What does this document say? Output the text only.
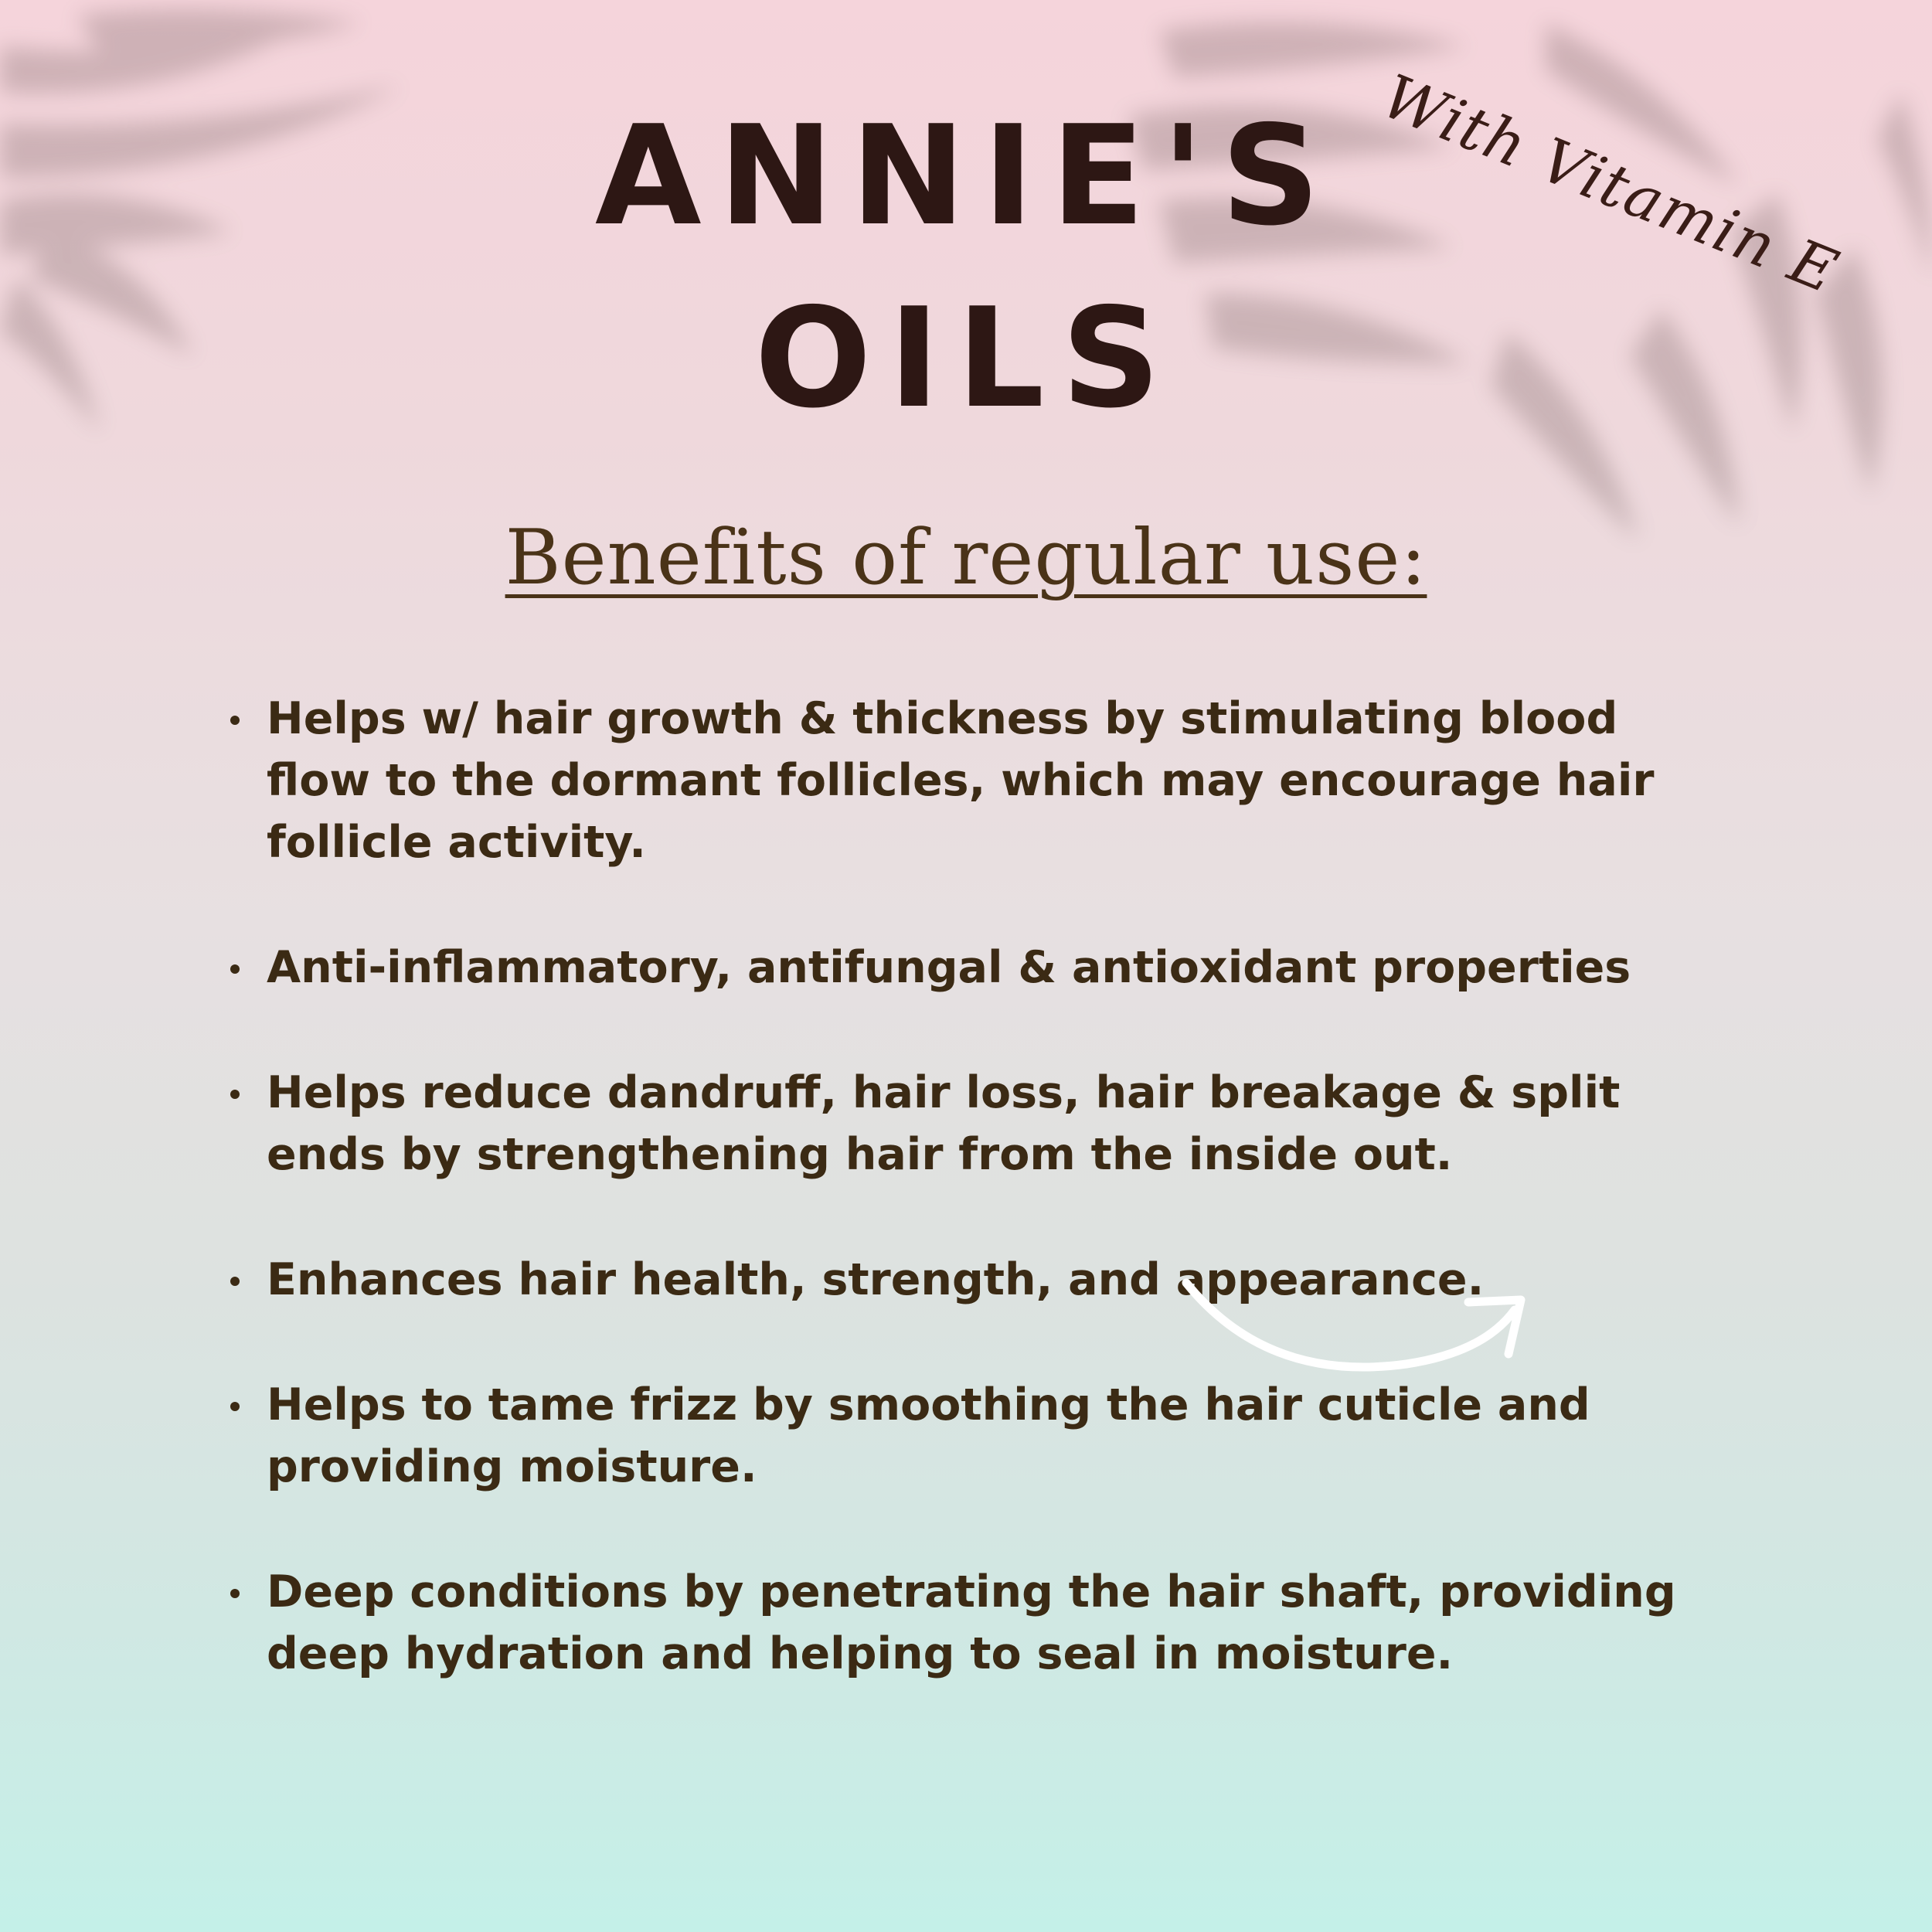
ANNIE'S
OILS
With Vitamin E
Benefits of regular use:
Helps w/ hair growth & thickness by stimulating blood flow to the dormant follicles, which may encourage hair follicle activity.
Anti-inflammatory, antifungal & antioxidant properties
Helps reduce dandruff, hair loss, hair breakage & split ends by strengthening hair from the inside out.
Enhances hair health, strength, and appearance.
Helps to tame frizz by smoothing the hair cuticle and providing moisture.
Deep conditions by penetrating the hair shaft, providing deep hydration and helping to seal in moisture.
